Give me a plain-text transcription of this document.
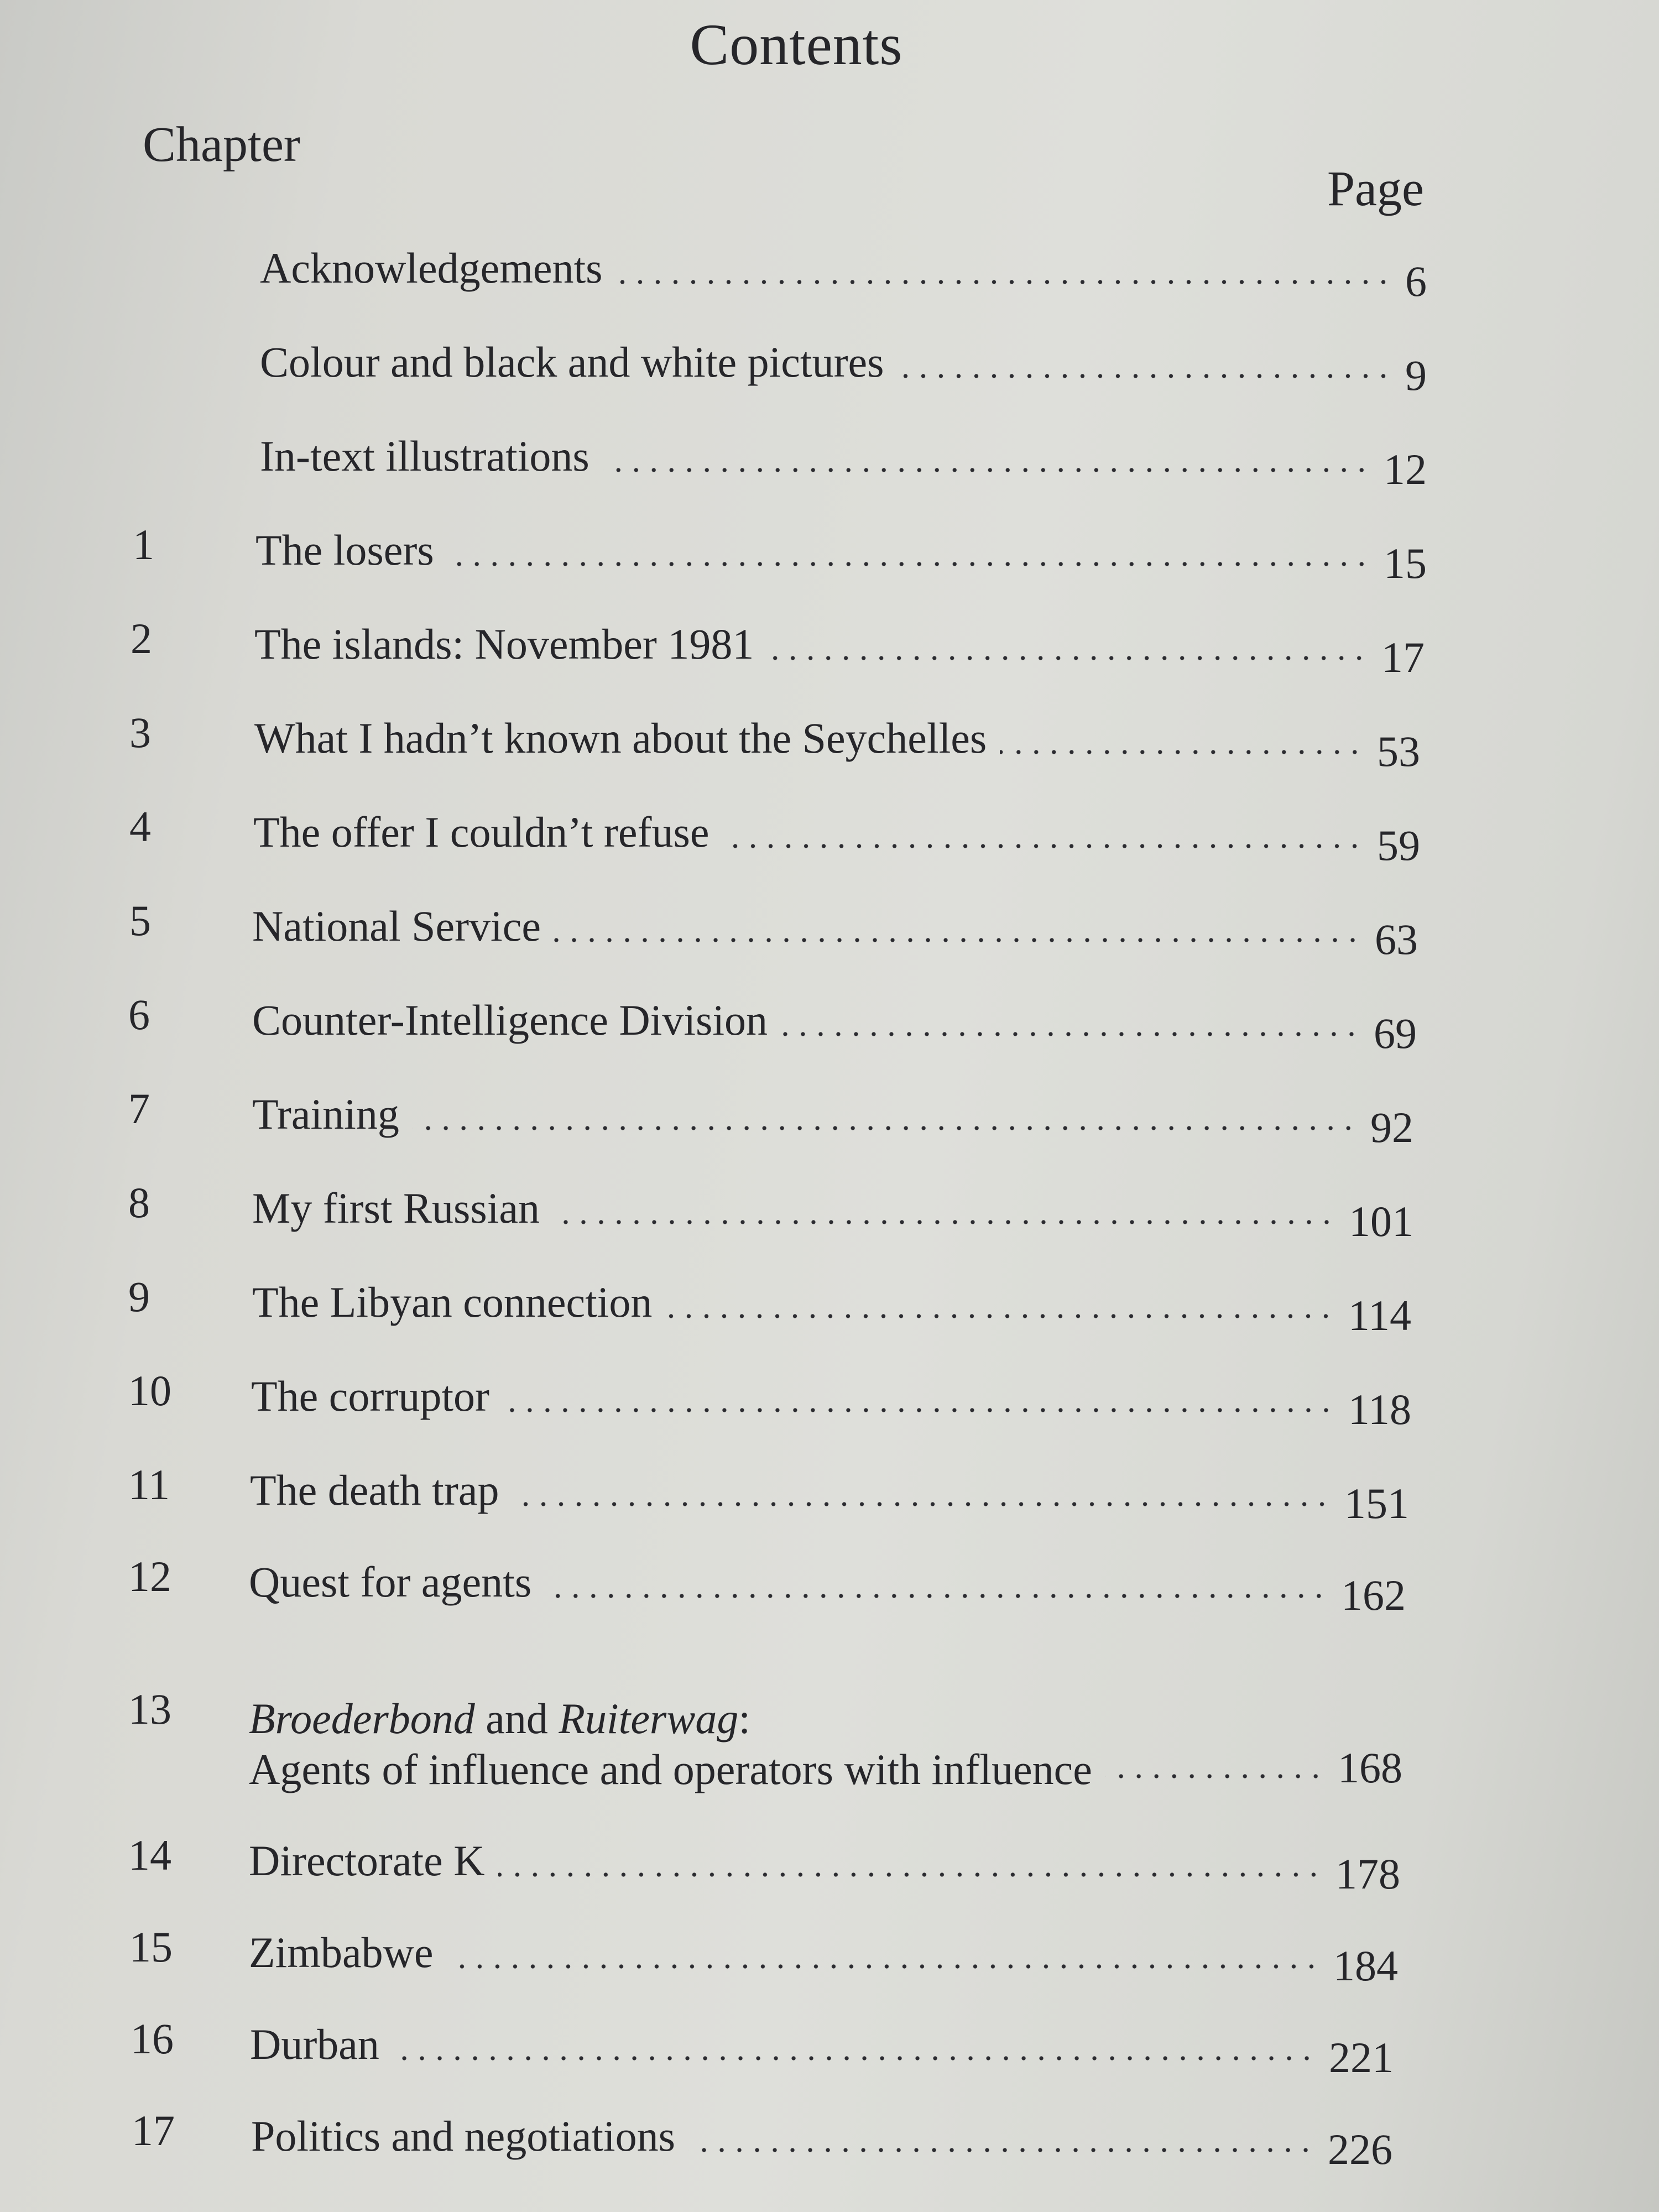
Contents
Chapter
Page
Acknowledgements	6
Colour and black and white pictures	9
In-text illustrations	12
1 The losers	15
2 The islands: November 1981	17
3 What I hadn’t known about the Seychelles	53
4 The offer I couldn’t refuse	59
5 National Service	63
6 Counter-Intelligence Division	69
7 Training	92
8 My first Russian	101
9 The Libyan connection	114
10 The corruptor	118
11 The death trap	151
12 Quest for agents	162
13 Broederbond and Ruiterwag:
Agents of influence and operators with influence	168
14 Directorate K	178
15 Zimbabwe	184
16 Durban	221
17 Politics and negotiations	226
